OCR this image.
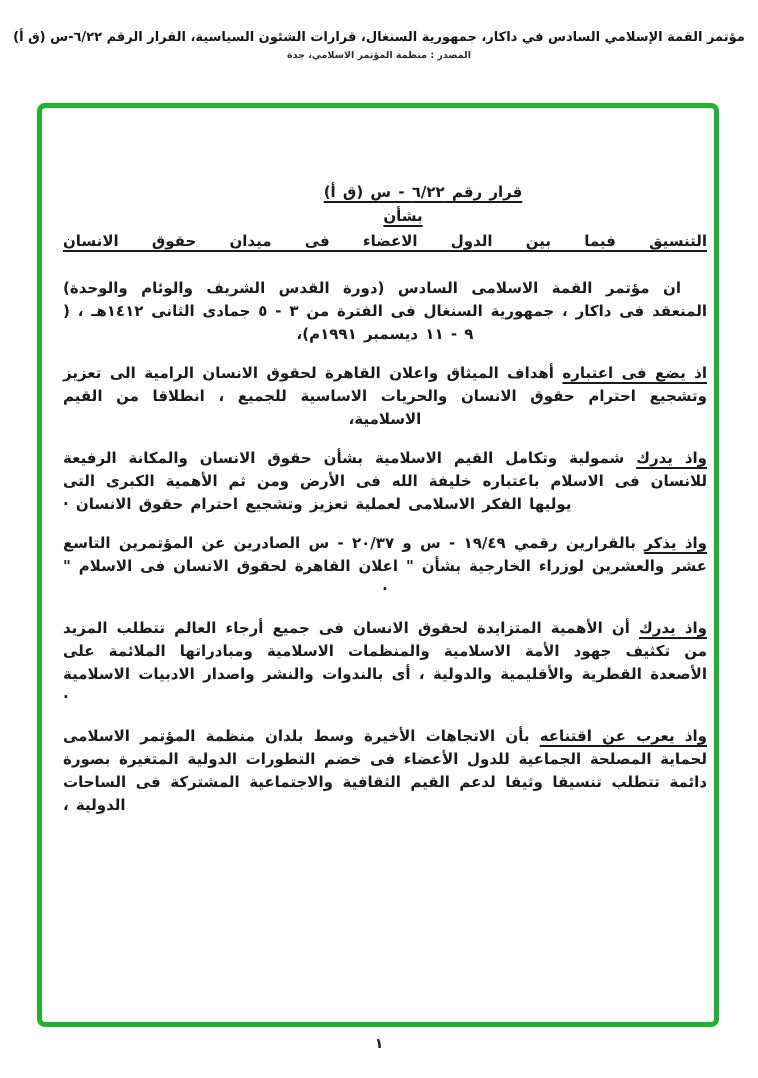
مؤتمر القمة الإسلامي السادس في داكار، جمهورية السنغال، قرارات الشئون السياسية، القرار الرقم ٦/٢٢-س (ق أ)
المصدر : منظمة المؤتمر الاسلامي، جدة
قرار رقم ٦/٢٢ - س (ق أ)
بشأن
التنسيق فيما بين الدول الاعضاء فى ميدان حقوق الانسان

ان مؤتمر القمة الاسلامى السادس (دورة القدس الشريف والوئام والوحدة) المنعقد فى داكار ، جمهورية السنغال فى الفترة من ٣ - ٥ جمادى الثانى ١٤١٢هـ ، ( ٩ - ١١ ديسمبر ١٩٩١م)،

اذ يضع فى اعتباره أهداف الميثاق واعلان القاهرة لحقوق الانسان الرامية الى تعزيز وتشجيع احترام حقوق الانسان والحريات الاساسية للجميع ، انطلاقا من القيم الاسلامية،

واذ يدرك شمولية وتكامل القيم الاسلامية بشأن حقوق الانسان والمكانة الرفيعة للانسان فى الاسلام باعتباره خليفة الله فى الأرض ومن ثم الأهمية الكبرى التى يوليها الفكر الاسلامى لعملية تعزيز وتشجيع احترام حقوق الانسان ·

واذ يذكر بالقرارين رقمي ١٩/٤٩ - س و ٢٠/٣٧ - س الصادرين عن المؤتمرين التاسع عشر والعشرين لوزراء الخارجية بشأن " اعلان القاهرة لحقوق الانسان فى الاسلام " ·

واذ يدرك أن الأهمية المتزايدة لحقوق الانسان فى جميع أرجاء العالم تتطلب المزيد من تكثيف جهود الأمة الاسلامية والمنظمات الاسلامية ومبادراتها الملائمة على الأصعدة القطرية والأقليمية والدولية ، أى بالندوات والنشر واصدار الادبيات الاسلامية ·

واذ يعرب عن اقتناعه بأن الاتجاهات الأخيرة وسط بلدان منظمة المؤتمر الاسلامى لحماية المصلحة الجماعية للدول الأعضاء فى خضم التطورات الدولية المتغيرة بصورة دائمة تتطلب تنسيقا وثيقا لدعم القيم الثقافية والاجتماعية المشتركة فى الساحات الدولية ،

١
